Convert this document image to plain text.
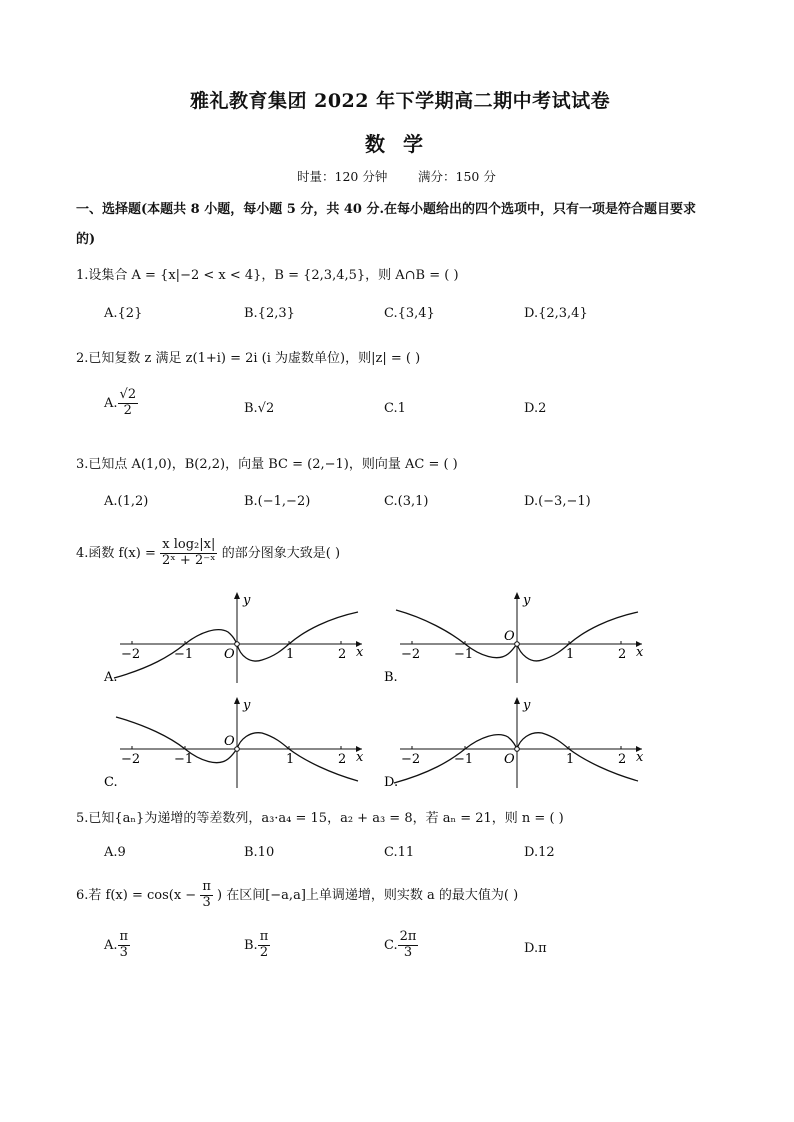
雅礼教育集团 2022 年下学期高二期中考试试卷
数学
时量：120 分钟 满分：150 分
一、选择题(本题共 8 小题，每小题 5 分，共 40 分.在每小题给出的四个选项中，只有一项是符合题目要求
的)
1.设集合 A = {x|−2 < x < 4}，B = {2,3,4,5}，则 A∩B = ( )
A.{2}	B.{2,3}	C.{3,4}	D.{2,3,4}
2.已知复数 z 满足 z(1+i) = 2i (i 为虚数单位)，则|z| = ( )
A. $\frac{√2}{2}$	B.√2	C.1	D.2
3.已知点 A(1,0)，B(2,2)，向量 BC = (2,−1)，则向量 AC = ( )
A.(1,2)	B.(−1,−2)	C.(3,1)	D.(−3,−1)
4.函数 $f(x) = \frac{\text{x log₂|x|}}{\text{2ˣ + 2⁻ˣ}}$ 的部分图象大致是( )
−2	−1	1	2
O	x
y
A.
−2	−1	1	2
O
x
y
B.
−2	−1	1	2
O
x
y
C.
−2	−1	1	2
O	x
y
D.
5.已知{aₙ}为递增的等差数列，a₃·a₄ = 15，a₂ + a₃ = 8，若 aₙ = 21，则 n = ( )
A.9	B.10	C.11	D.12
6.若 $f(x) = \cos(x - \frac{\pi}{3}$ ) 在区间[−a,a]上单调递增，则实数 a 的最大值为( )
A. $\frac{\pi}{3}$	B. $\frac{\pi}{2}$	C. $\frac{2\pi}{3}$	D.π
